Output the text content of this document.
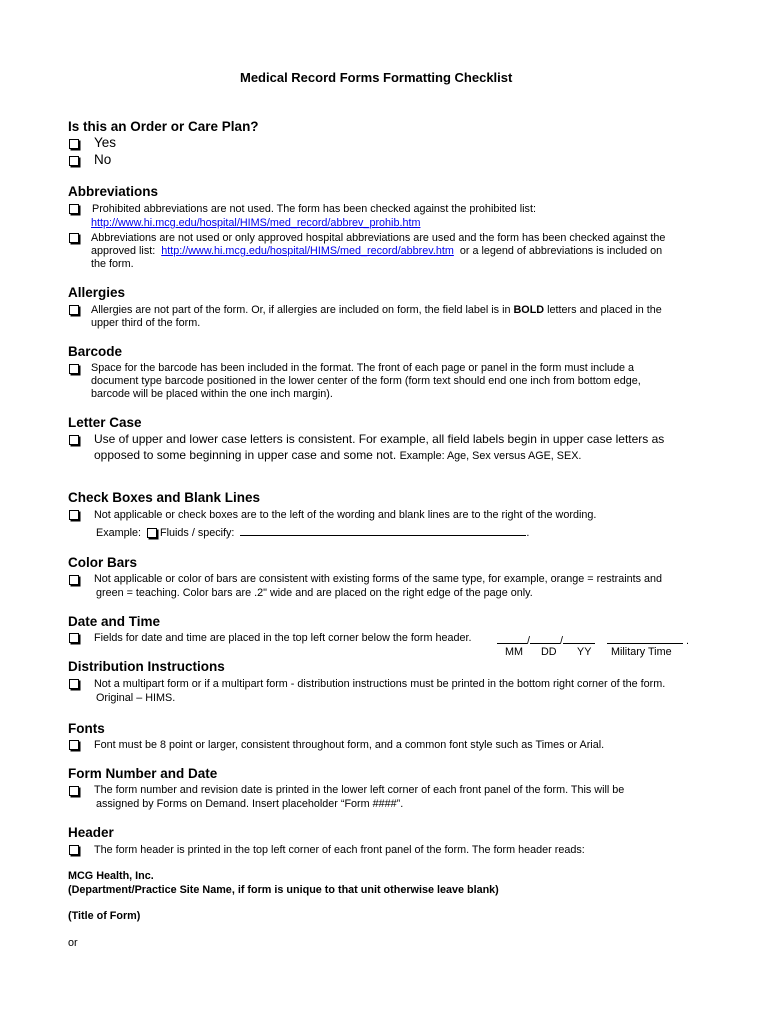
Medical Record Forms Formatting Checklist
Is this an Order or Care Plan?
Yes
No
Abbreviations
Prohibited abbreviations are not used. The form has been checked against the prohibited list:
http://www.hi.mcg.edu/hospital/HIMS/med_record/abbrev_prohib.htm
Abbreviations are not used or only approved hospital abbreviations are used and the form has been checked against the
approved list: http://www.hi.mcg.edu/hospital/HIMS/med_record/abbrev.htm or a legend of abbreviations is included on
the form.
Allergies
Allergies are not part of the form. Or, if allergies are included on form, the field label is in BOLD letters and placed in the
upper third of the form.
Barcode
Space for the barcode has been included in the format. The front of each page or panel in the form must include a
document type barcode positioned in the lower center of the form (form text should end one inch from bottom edge,
barcode will be placed within the one inch margin).
Letter Case
Use of upper and lower case letters is consistent. For example, all field labels begin in upper case letters as
opposed to some beginning in upper case and some not. Example: Age, Sex versus AGE, SEX.
Check Boxes and Blank Lines
Not applicable or check boxes are to the left of the wording and blank lines are to the right of the wording.
Example: Fluids / specify:	.
Color Bars
Not applicable or color of bars are consistent with existing forms of the same type, for example, orange = restraints and
green = teaching. Color bars are .2" wide and are placed on the right edge of the page only.
Date and Time
Fields for date and time are placed in the top left corner below the form header.	/	/	.
MM DD YY Military Time
Distribution Instructions
Not a multipart form or if a multipart form - distribution instructions must be printed in the bottom right corner of the form.
Original – HIMS.
Fonts
Font must be 8 point or larger, consistent throughout form, and a common font style such as Times or Arial.
Form Number and Date
The form number and revision date is printed in the lower left corner of each front panel of the form. This will be
assigned by Forms on Demand. Insert placeholder “Form ####”.
Header
The form header is printed in the top left corner of each front panel of the form. The form header reads:
MCG Health, Inc.
(Department/Practice Site Name, if form is unique to that unit otherwise leave blank)
(Title of Form)
or
